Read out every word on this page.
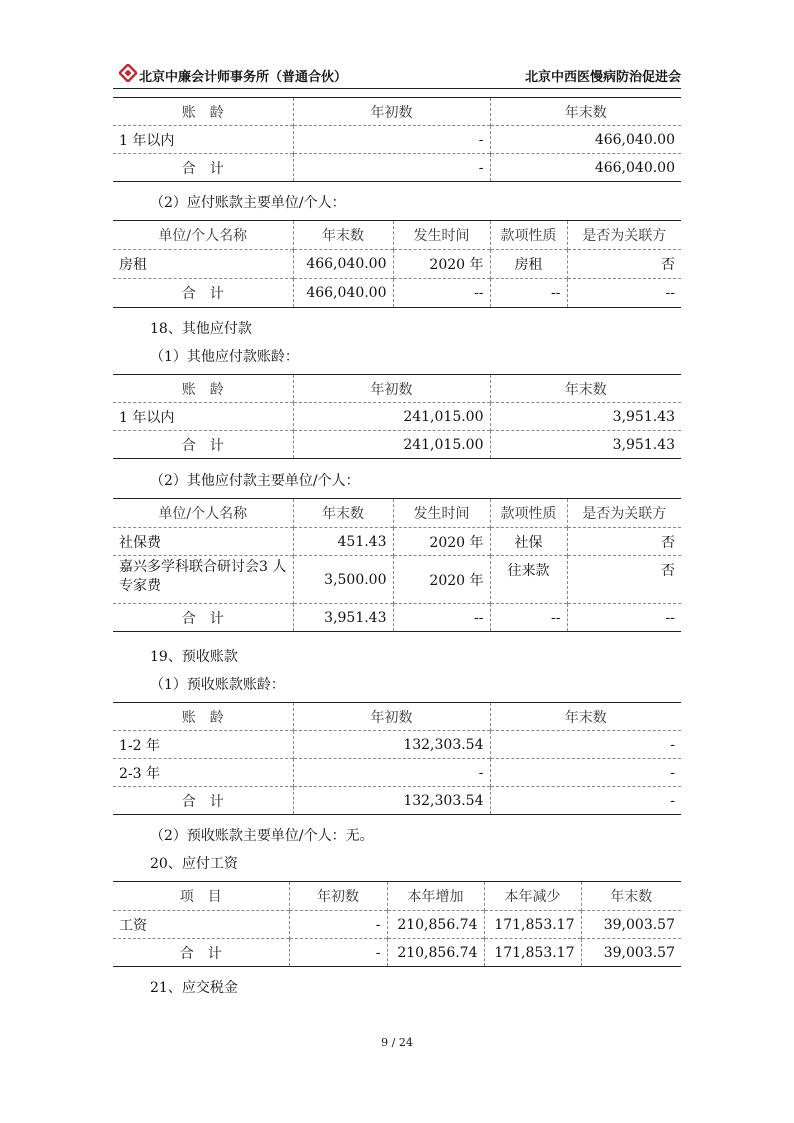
北京中廉会计师事务所（普通合伙）	北京中西医慢病防治促进会
账　龄	年初数	年末数
1 年以内	-	466,040.00
合　计	-	466,040.00
（2）应付账款主要单位/个人：
单位/个人名称	年末数	发生时间	款项性质	是否为关联方
房租	466,040.00	2020 年	房租	否
合　计	466,040.00	--	--	--
18、其他应付款
（1）其他应付款账龄：
账　龄	年初数	年末数
1 年以内	241,015.00	3,951.43
合　计	241,015.00	3,951.43
（2）其他应付款主要单位/个人：
单位/个人名称	年末数	发生时间	款项性质	是否为关联方
社保费	451.43	2020 年	社保	否
嘉兴多学科联合研讨会3 人专家费	3,500.00	2020 年	往来款	否
合　计	3,951.43	--	--	--
19、预收账款
（1）预收账款账龄：
账　龄	年初数	年末数
1-2 年	132,303.54	-
2-3 年	-	-
合　计	132,303.54	-
（2）预收账款主要单位/个人：无。
20、应付工资
项　目	年初数	本年增加	本年减少	年末数
工资	-	210,856.74	171,853.17	39,003.57
合　计	-	210,856.74	171,853.17	39,003.57
21、应交税金
9 / 24
